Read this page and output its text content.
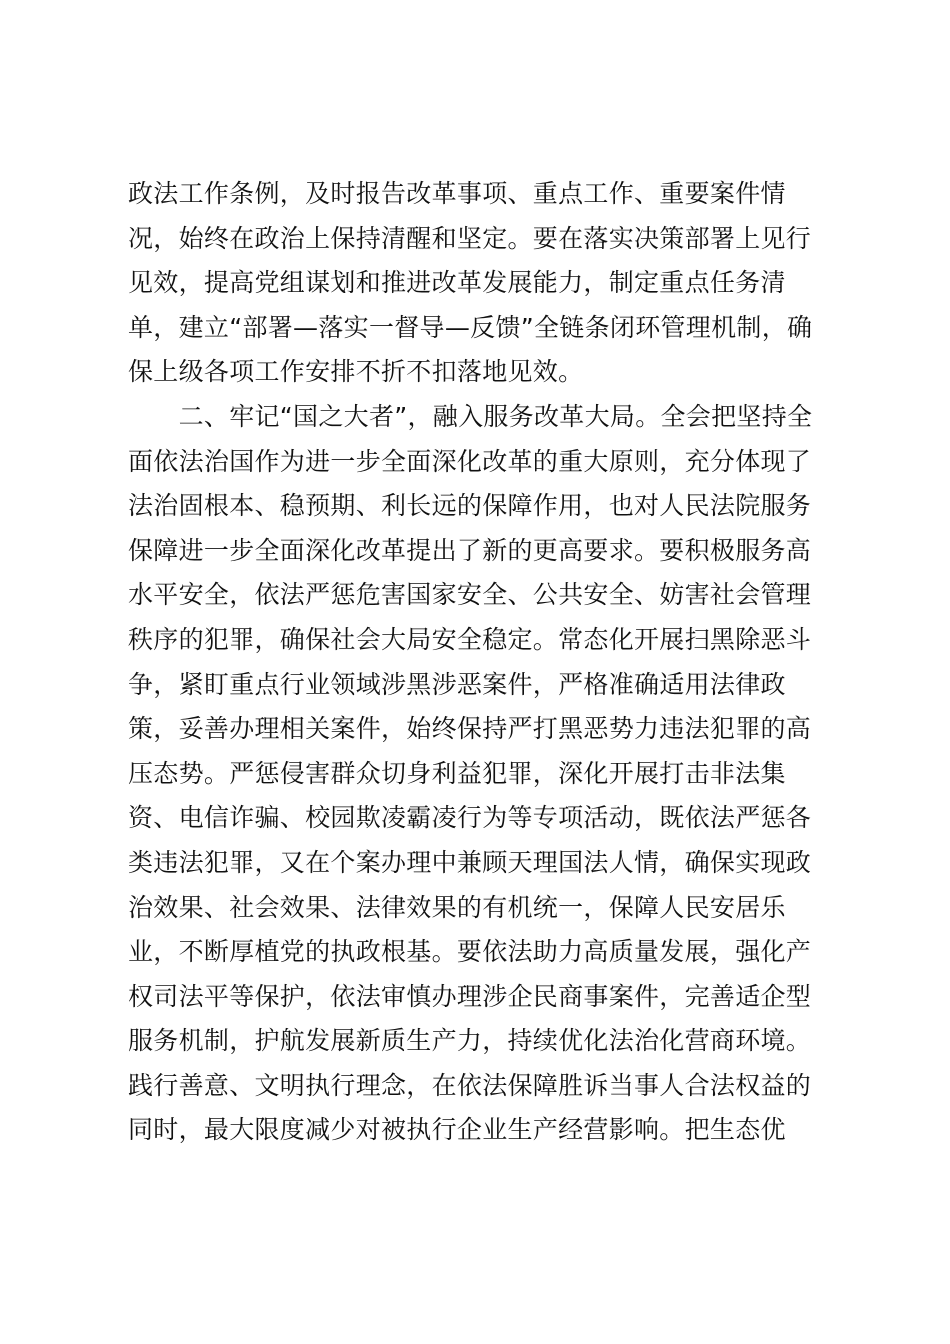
政法工作条例，及时报告改革事项、重点工作、重要案件情
况，始终在政治上保持清醒和坚定。要在落实决策部署上见行
见效，提高党组谋划和推进改革发展能力，制定重点任务清
单，建立“部署—落实一督导—反馈”全链条闭环管理机制，确
保上级各项工作安排不折不扣落地见效。
　　二、牢记“国之大者”，融入服务改革大局。全会把坚持全
面依法治国作为进一步全面深化改革的重大原则，充分体现了
法治固根本、稳预期、利长远的保障作用，也对人民法院服务
保障进一步全面深化改革提出了新的更高要求。要积极服务高
水平安全，依法严惩危害国家安全、公共安全、妨害社会管理
秩序的犯罪，确保社会大局安全稳定。常态化开展扫黑除恶斗
争，紧盯重点行业领域涉黑涉恶案件，严格准确适用法律政
策，妥善办理相关案件，始终保持严打黑恶势力违法犯罪的高
压态势。严惩侵害群众切身利益犯罪，深化开展打击非法集
资、电信诈骗、校园欺凌霸凌行为等专项活动，既依法严惩各
类违法犯罪，又在个案办理中兼顾天理国法人情，确保实现政
治效果、社会效果、法律效果的有机统一，保障人民安居乐
业，不断厚植党的执政根基。要依法助力高质量发展，强化产
权司法平等保护，依法审慎办理涉企民商事案件，完善适企型
服务机制，护航发展新质生产力，持续优化法治化营商环境。
践行善意、文明执行理念，在依法保障胜诉当事人合法权益的
同时，最大限度减少对被执行企业生产经营影响。把生态优
